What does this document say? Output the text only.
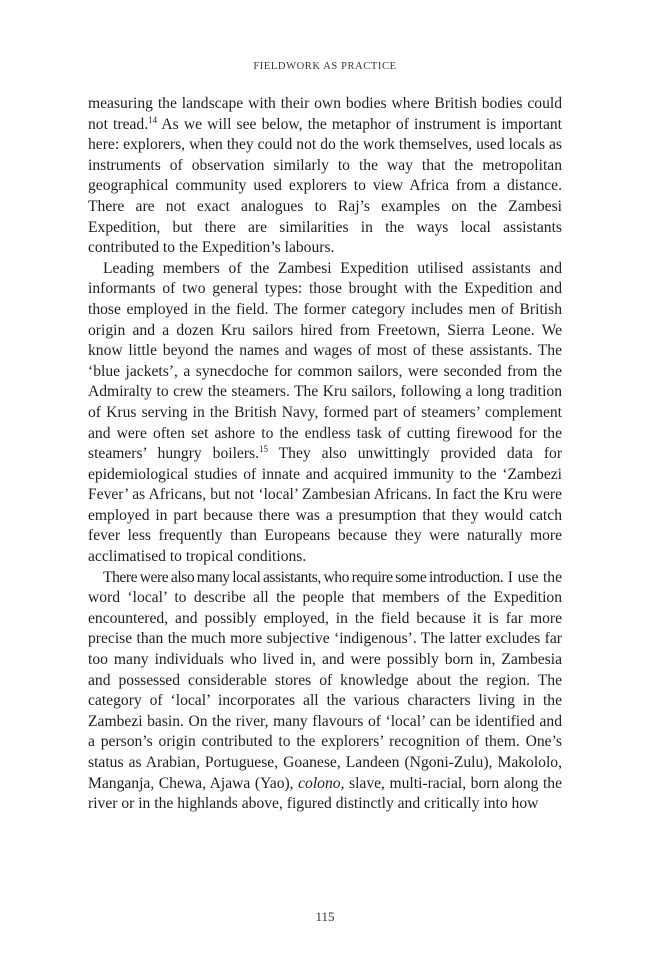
FIELDWORK AS PRACTICE

measuring the landscape with their own bodies where British bodies could not tread.$^{14}$ As we will see below, the metaphor of instrument is important here: explorers, when they could not do the work themselves, used locals as instruments of observation similarly to the way that the metropolitan geographical community used explorers to view Africa from a distance. There are not exact analogues to Raj’s examples on the Zambesi Expedition, but there are similarities in the ways local assistants contributed to the Expedition’s labours.

Leading members of the Zambesi Expedition utilised assistants and informants of two general types: those brought with the Expedition and those employed in the field. The former category includes men of British origin and a dozen Kru sailors hired from Freetown, Sierra Leone. We know little beyond the names and wages of most of these assistants. The ‘blue jackets’, a synecdoche for common sailors, were seconded from the Admiralty to crew the steamers. The Kru sailors, following a long tradition of Krus serving in the British Navy, formed part of steamers’ complement and were often set ashore to the endless task of cutting firewood for the steamers’ hungry boilers.$^{15}$ They also unwittingly provided data for epidemiological studies of innate and acquired immunity to the ‘Zambezi Fever’ as Africans, but not ‘local’ Zambesian Africans. In fact the Kru were employed in part because there was a presumption that they would catch fever less frequently than Europeans because they were naturally more acclimatised to tropical conditions.

There were also many local assistants, who require some introduction. I use the word ‘local’ to describe all the people that members of the Expedition encountered, and possibly employed, in the field because it is far more precise than the much more subjective ‘indigenous’. The latter excludes far too many individuals who lived in, and were possibly born in, Zambesia and possessed considerable stores of knowledge about the region. The category of ‘local’ incorporates all the various characters living in the Zambezi basin. On the river, many flavours of ‘local’ can be identified and a person’s origin contributed to the explorers’ recognition of them. One’s status as Arabian, Portuguese, Goanese, Landeen (Ngoni-Zulu), Makololo, Manganja, Chewa, Ajawa (Yao), colono, slave, multi-racial, born along the river or in the highlands above, figured distinctly and critically into how

115
